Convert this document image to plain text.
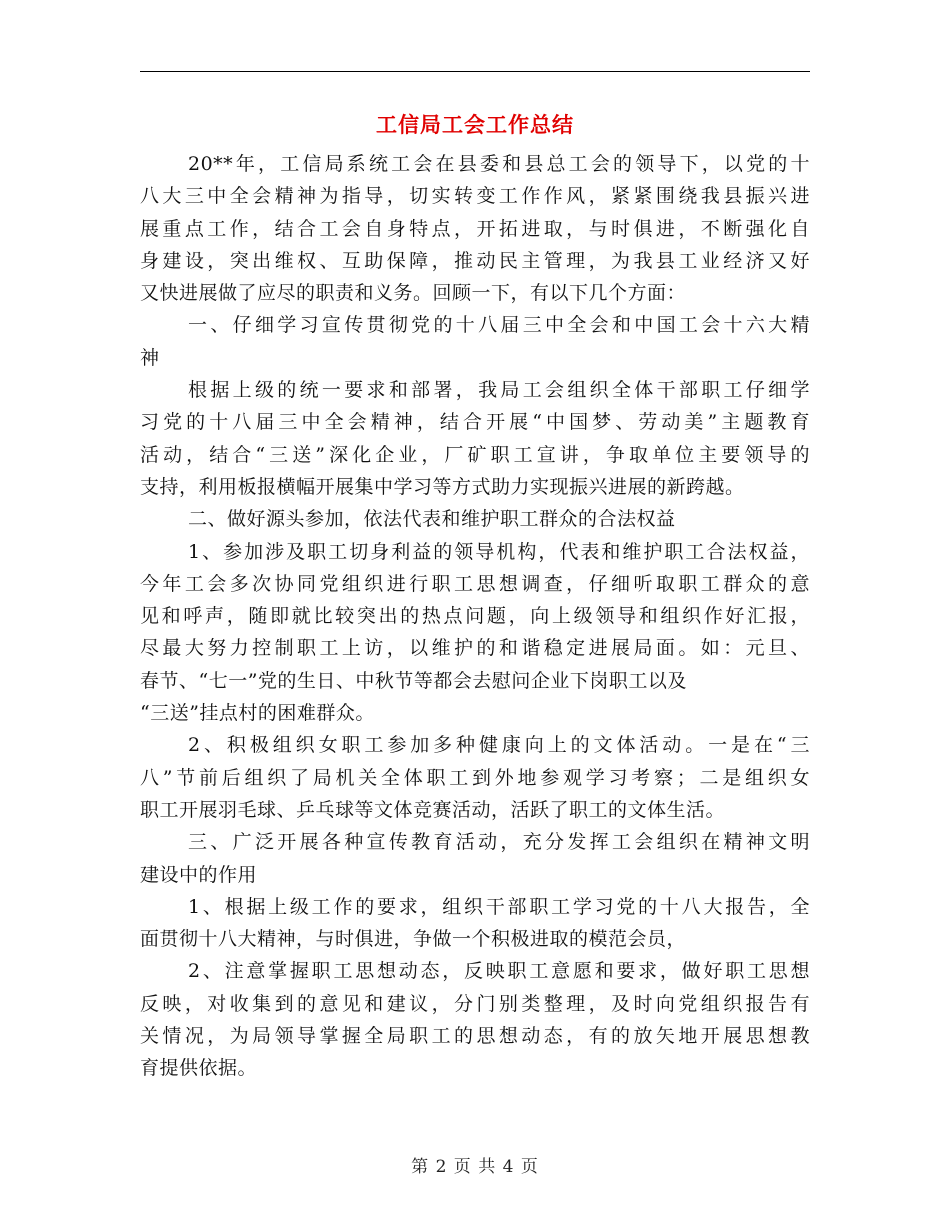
工信局工会工作总结
20**年，工信局系统工会在县委和县总工会的领导下，以党的十
八大三中全会精神为指导，切实转变工作作风，紧紧围绕我县振兴进
展重点工作，结合工会自身特点，开拓进取，与时俱进，不断强化自
身建设，突出维权、互助保障，推动民主管理，为我县工业经济又好
又快进展做了应尽的职责和义务。回顾一下，有以下几个方面：
一、仔细学习宣传贯彻党的十八届三中全会和中国工会十六大精
神
根据上级的统一要求和部署，我局工会组织全体干部职工仔细学
习党的十八届三中全会精神，结合开展“中国梦、劳动美”主题教育
活动，结合“三送”深化企业，厂矿职工宣讲，争取单位主要领导的
支持，利用板报横幅开展集中学习等方式助力实现振兴进展的新跨越。
二、做好源头参加，依法代表和维护职工群众的合法权益
1、参加涉及职工切身利益的领导机构，代表和维护职工合法权益，
今年工会多次协同党组织进行职工思想调查，仔细听取职工群众的意
见和呼声，随即就比较突出的热点问题，向上级领导和组织作好汇报，
尽最大努力控制职工上访，以维护的和谐稳定进展局面。如：元旦、
春节、“七一”党的生日、中秋节等都会去慰问企业下岗职工以及
“三送”挂点村的困难群众。
2、积极组织女职工参加多种健康向上的文体活动。一是在“三
八”节前后组织了局机关全体职工到外地参观学习考察；二是组织女
职工开展羽毛球、乒乓球等文体竞赛活动，活跃了职工的文体生活。
三、广泛开展各种宣传教育活动，充分发挥工会组织在精神文明
建设中的作用
1、根据上级工作的要求，组织干部职工学习党的十八大报告，全
面贯彻十八大精神，与时俱进，争做一个积极进取的模范会员，
2、注意掌握职工思想动态，反映职工意愿和要求，做好职工思想
反映，对收集到的意见和建议，分门别类整理，及时向党组织报告有
关情况，为局领导掌握全局职工的思想动态，有的放矢地开展思想教
育提供依据。
第 2 页 共 4 页
